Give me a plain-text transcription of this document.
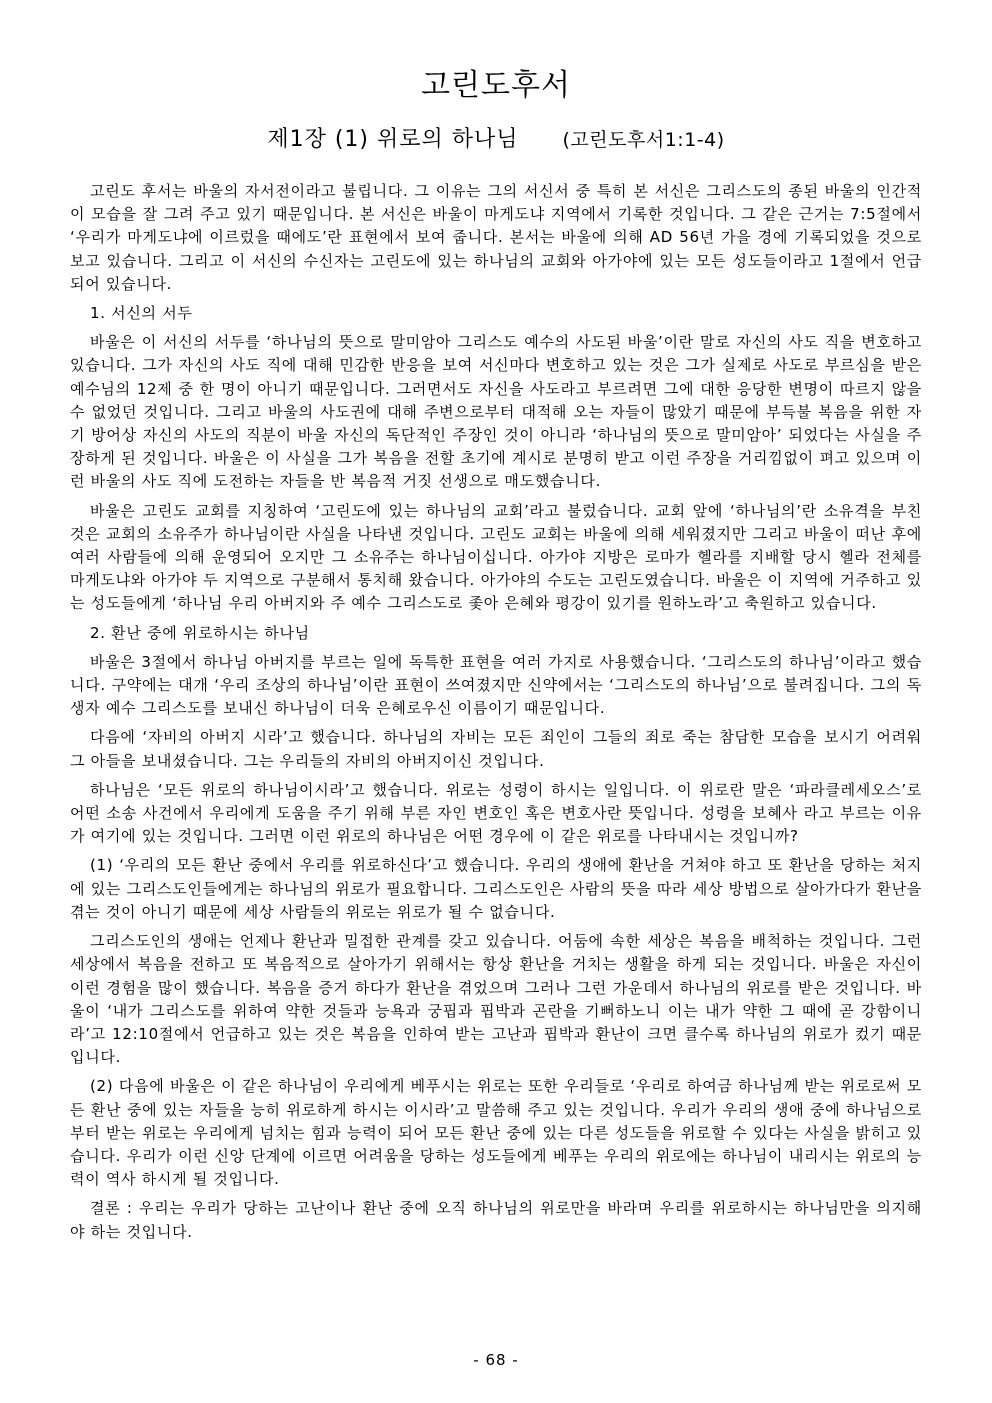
고린도후서
제1장 (1) 위로의 하나님 (고린도후서1:1-4)

고린도 후서는 바울의 자서전이라고 불립니다. 그 이유는 그의 서신서 중 특히 본 서신은 그리스도의 종된 바울의 인간적이 모습을 잘 그려 주고 있기 때문입니다. 본 서신은 바울이 마게도냐 지역에서 기록한 것입니다. 그 같은 근거는 7:5절에서 ‘우리가 마게도냐에 이르렀을 때에도’란 표현에서 보여 줍니다. 본서는 바울에 의해 AD 56년 가을 경에 기록되었을 것으로 보고 있습니다. 그리고 이 서신의 수신자는 고린도에 있는 하나님의 교회와 아가야에 있는 모든 성도들이라고 1절에서 언급되어 있습니다.

1. 서신의 서두

바울은 이 서신의 서두를 ‘하나님의 뜻으로 말미암아 그리스도 예수의 사도된 바울’이란 말로 자신의 사도 직을 변호하고 있습니다. 그가 자신의 사도 직에 대해 민감한 반응을 보여 서신마다 변호하고 있는 것은 그가 실제로 사도로 부르심을 받은 예수님의 12제 중 한 명이 아니기 때문입니다. 그러면서도 자신을 사도라고 부르려면 그에 대한 응당한 변명이 따르지 않을 수 없었던 것입니다. 그리고 바울의 사도권에 대해 주변으로부터 대적해 오는 자들이 많았기 때문에 부득불 복음을 위한 자기 방어상 자신의 사도의 직분이 바울 자신의 독단적인 주장인 것이 아니라 ‘하나님의 뜻으로 말미암아’ 되었다는 사실을 주장하게 된 것입니다. 바울은 이 사실을 그가 복음을 전할 초기에 계시로 분명히 받고 이런 주장을 거리낌없이 펴고 있으며 이런 바울의 사도 직에 도전하는 자들을 반 복음적 거짓 선생으로 매도했습니다.

바울은 고린도 교회를 지칭하여 ‘고린도에 있는 하나님의 교회’라고 불렀습니다. 교회 앞에 ‘하나님의’란 소유격을 부친 것은 교회의 소유주가 하나님이란 사실을 나타낸 것입니다. 고린도 교회는 바울에 의해 세워졌지만 그리고 바울이 떠난 후에 여러 사람들에 의해 운영되어 오지만 그 소유주는 하나님이십니다. 아가야 지방은 로마가 헬라를 지배할 당시 헬라 전체를 마게도냐와 아가야 두 지역으로 구분해서 통치해 왔습니다. 아가야의 수도는 고린도였습니다. 바울은 이 지역에 거주하고 있는 성도들에게 ‘하나님 우리 아버지와 주 예수 그리스도로 좇아 은혜와 평강이 있기를 원하노라’고 축원하고 있습니다.

2. 환난 중에 위로하시는 하나님

바울은 3절에서 하나님 아버지를 부르는 일에 독특한 표현을 여러 가지로 사용했습니다. ‘그리스도의 하나님’이라고 했습니다. 구약에는 대개 ‘우리 조상의 하나님’이란 표현이 쓰여졌지만 신약에서는 ‘그리스도의 하나님’으로 불려집니다. 그의 독생자 예수 그리스도를 보내신 하나님이 더욱 은혜로우신 이름이기 때문입니다.

다음에 ‘자비의 아버지 시라’고 했습니다. 하나님의 자비는 모든 죄인이 그들의 죄로 죽는 참담한 모습을 보시기 어려워 그 아들을 보내셨습니다. 그는 우리들의 자비의 아버지이신 것입니다.

하나님은 ‘모든 위로의 하나님이시라’고 했습니다. 위로는 성령이 하시는 일입니다. 이 위로란 말은 ‘파라클레세오스’로 어떤 소송 사건에서 우리에게 도움을 주기 위해 부른 자인 변호인 혹은 변호사란 뜻입니다. 성령을 보혜사 라고 부르는 이유가 여기에 있는 것입니다. 그러면 이런 위로의 하나님은 어떤 경우에 이 같은 위로를 나타내시는 것입니까?

(1) ‘우리의 모든 환난 중에서 우리를 위로하신다’고 했습니다. 우리의 생애에 환난을 거쳐야 하고 또 환난을 당하는 처지에 있는 그리스도인들에게는 하나님의 위로가 필요합니다. 그리스도인은 사람의 뜻을 따라 세상 방법으로 살아가다가 환난을 겪는 것이 아니기 때문에 세상 사람들의 위로는 위로가 될 수 없습니다.

그리스도인의 생애는 언제나 환난과 밀접한 관계를 갖고 있습니다. 어둠에 속한 세상은 복음을 배척하는 것입니다. 그런 세상에서 복음을 전하고 또 복음적으로 살아가기 위해서는 항상 환난을 거치는 생활을 하게 되는 것입니다. 바울은 자신이 이런 경험을 많이 했습니다. 복음을 증거 하다가 환난을 겪었으며 그러나 그런 가운데서 하나님의 위로를 받은 것입니다. 바울이 ‘내가 그리스도를 위하여 약한 것들과 능욕과 궁핍과 핍박과 곤란을 기뻐하노니 이는 내가 약한 그 때에 곧 강함이니라’고 12:10절에서 언급하고 있는 것은 복음을 인하여 받는 고난과 핍박과 환난이 크면 클수록 하나님의 위로가 컸기 때문입니다.

(2) 다음에 바울은 이 같은 하나님이 우리에게 베푸시는 위로는 또한 우리들로 ‘우리로 하여금 하나님께 받는 위로로써 모든 환난 중에 있는 자들을 능히 위로하게 하시는 이시라’고 말씀해 주고 있는 것입니다. 우리가 우리의 생애 중에 하나님으로부터 받는 위로는 우리에게 넘치는 힘과 능력이 되어 모든 환난 중에 있는 다른 성도들을 위로할 수 있다는 사실을 밝히고 있습니다. 우리가 이런 신앙 단계에 이르면 어려움을 당하는 성도들에게 베푸는 우리의 위로에는 하나님이 내리시는 위로의 능력이 역사 하시게 될 것입니다.

결론 : 우리는 우리가 당하는 고난이나 환난 중에 오직 하나님의 위로만을 바라며 우리를 위로하시는 하나님만을 의지해야 하는 것입니다.

- 68 -
